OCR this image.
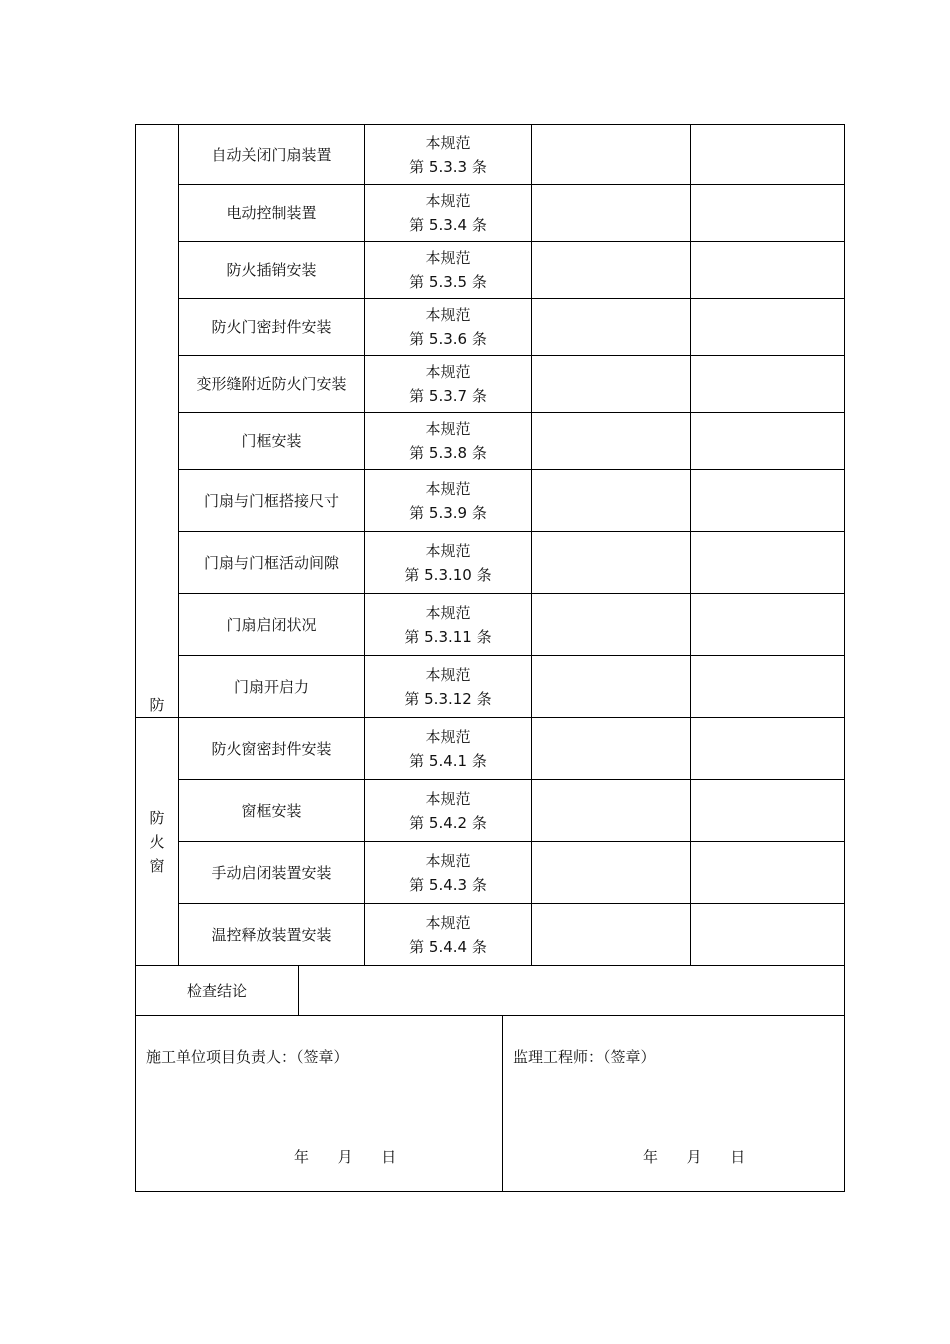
防	自动关闭门扇装置	本规范
第 5.3.3 条		

	电动控制装置	本规范
第 5.3.4 条		

	防火插销安装	本规范
第 5.3.5 条		

	防火门密封件安装	本规范
第 5.3.6 条		

	变形缝附近防火门安装	本规范
第 5.3.7 条		

	门框安装	本规范
第 5.3.8 条		

	门扇与门框搭接尺寸	本规范
第 5.3.9 条		

	门扇与门框活动间隙	本规范
第 5.3.10 条		

	门扇启闭状况	本规范
第 5.3.11 条		

	门扇开启力	本规范
第 5.3.12 条		

防
火
窗	防火窗密封件安装	本规范
第 5.4.1 条		

	窗框安装	本规范
第 5.4.2 条		

	手动启闭装置安装	本规范
第 5.4.3 条		

	温控释放装置安装	本规范
第 5.4.4 条		

检查结论		

施工单位项目负责人：（签章）
年      月      日		监理工程师：（签章）
年      月      日
